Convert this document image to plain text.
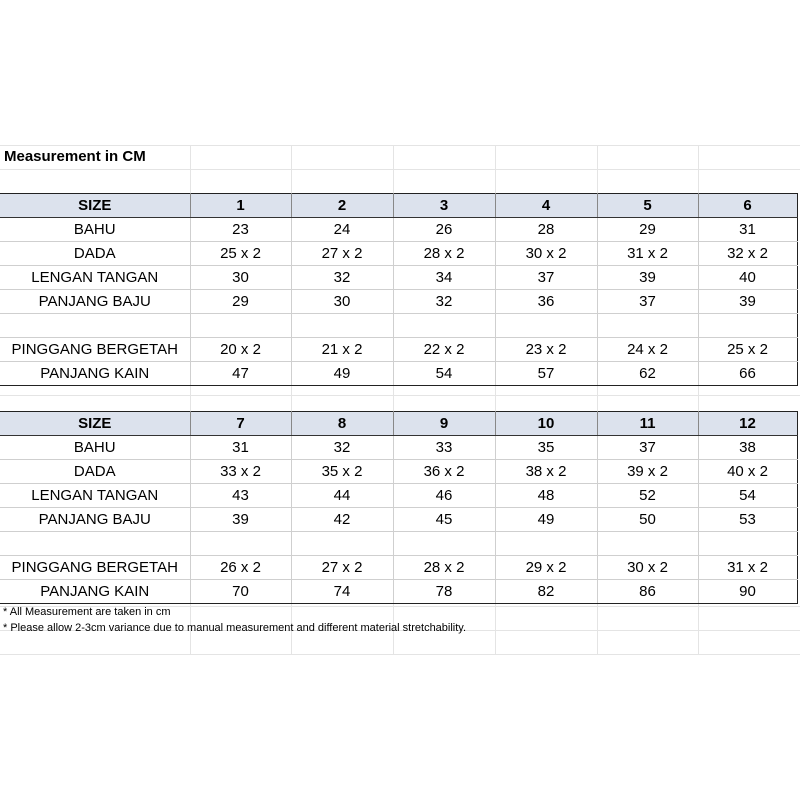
Measurement in CM
SIZE	1	2	3	4	5	6
BAHU	23	24	26	28	29	31
DADA	25 x 2	27 x 2	28 x 2	30 x 2	31 x 2	32 x 2
LENGAN TANGAN	30	32	34	37	39	40
PANJANG BAJU	29	30	32	36	37	39

PINGGANG BERGETAH	20 x 2	21 x 2	22 x 2	23 x 2	24 x 2	25 x 2
PANJANG KAIN	47	49	54	57	62	66
SIZE	7	8	9	10	11	12
BAHU	31	32	33	35	37	38
DADA	33 x 2	35 x 2	36 x 2	38 x 2	39 x 2	40 x 2
LENGAN TANGAN	43	44	46	48	52	54
PANJANG BAJU	39	42	45	49	50	53

PINGGANG BERGETAH	26 x 2	27 x 2	28 x 2	29 x 2	30 x 2	31 x 2
PANJANG KAIN	70	74	78	82	86	90
* All Measurement are taken in cm
* Please allow 2-3cm variance due to manual measurement and different material stretchability.
